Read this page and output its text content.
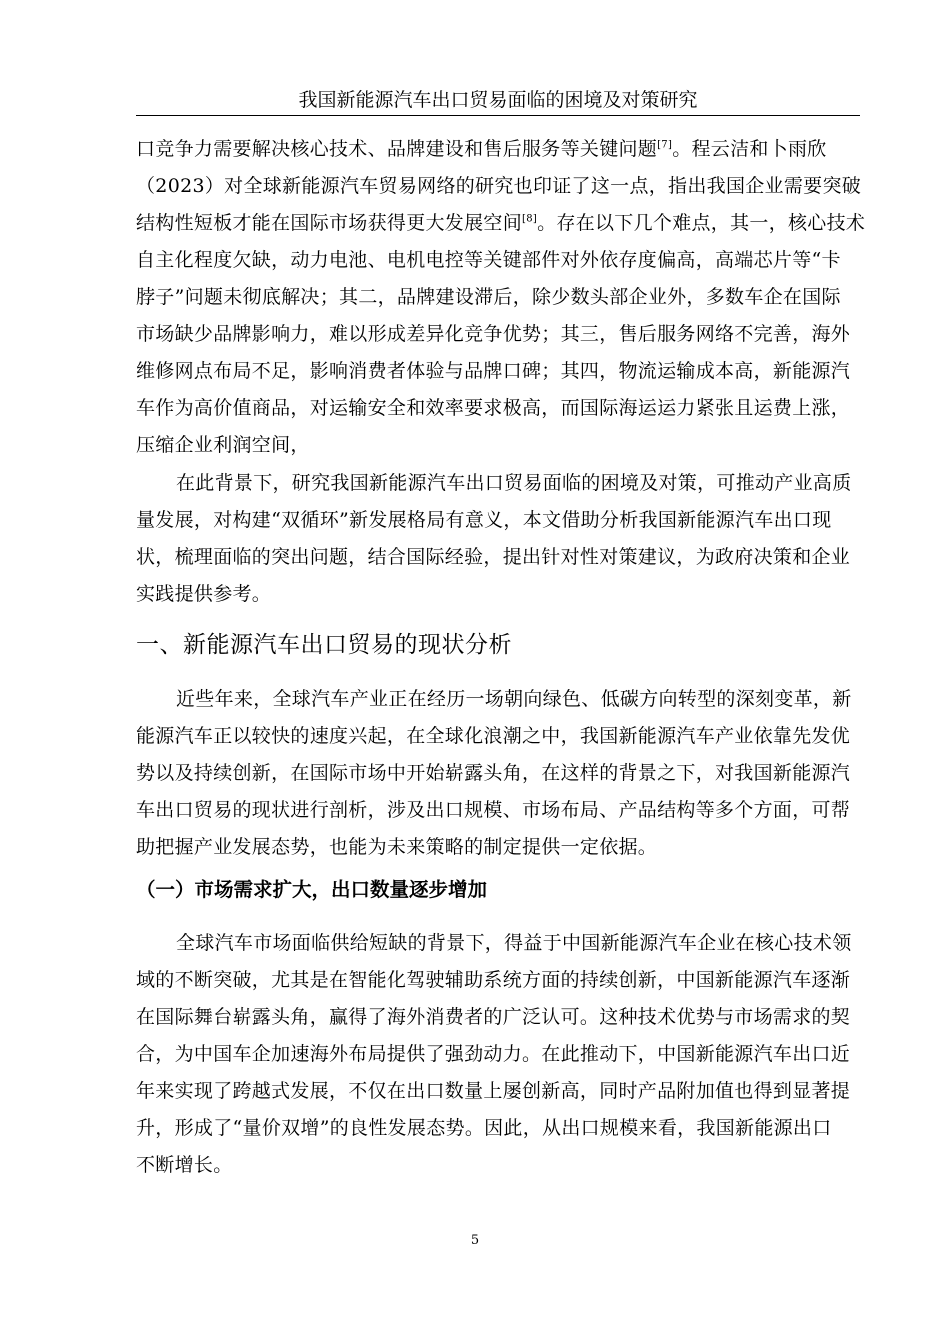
我国新能源汽车出口贸易面临的困境及对策研究
口竞争力需要解决核心技术、品牌建设和售后服务等关键问题[7]。程云洁和卜雨欣
（2023）对全球新能源汽车贸易网络的研究也印证了这一点，指出我国企业需要突破
结构性短板才能在国际市场获得更大发展空间[8]。存在以下几个难点，其一，核心技术
自主化程度欠缺，动力电池、电机电控等关键部件对外依存度偏高，高端芯片等“卡
脖子”问题未彻底解决；其二，品牌建设滞后，除少数头部企业外，多数车企在国际
市场缺少品牌影响力，难以形成差异化竞争优势；其三，售后服务网络不完善，海外
维修网点布局不足，影响消费者体验与品牌口碑；其四，物流运输成本高，新能源汽
车作为高价值商品，对运输安全和效率要求极高，而国际海运运力紧张且运费上涨，
压缩企业利润空间，
在此背景下，研究我国新能源汽车出口贸易面临的困境及对策，可推动产业高质
量发展，对构建“双循环”新发展格局有意义，本文借助分析我国新能源汽车出口现
状，梳理面临的突出问题，结合国际经验，提出针对性对策建议，为政府决策和企业
实践提供参考。
一、新能源汽车出口贸易的现状分析
近些年来，全球汽车产业正在经历一场朝向绿色、低碳方向转型的深刻变革，新
能源汽车正以较快的速度兴起，在全球化浪潮之中，我国新能源汽车产业依靠先发优
势以及持续创新，在国际市场中开始崭露头角，在这样的背景之下，对我国新能源汽
车出口贸易的现状进行剖析，涉及出口规模、市场布局、产品结构等多个方面，可帮
助把握产业发展态势，也能为未来策略的制定提供一定依据。
（一）市场需求扩大，出口数量逐步增加
全球汽车市场面临供给短缺的背景下，得益于中国新能源汽车企业在核心技术领
域的不断突破，尤其是在智能化驾驶辅助系统方面的持续创新，中国新能源汽车逐渐
在国际舞台崭露头角，赢得了海外消费者的广泛认可。这种技术优势与市场需求的契
合，为中国车企加速海外布局提供了强劲动力。在此推动下，中国新能源汽车出口近
年来实现了跨越式发展，不仅在出口数量上屡创新高，同时产品附加值也得到显著提
升，形成了“量价双增”的良性发展态势。因此，从出口规模来看，我国新能源出口
不断增长。
5
